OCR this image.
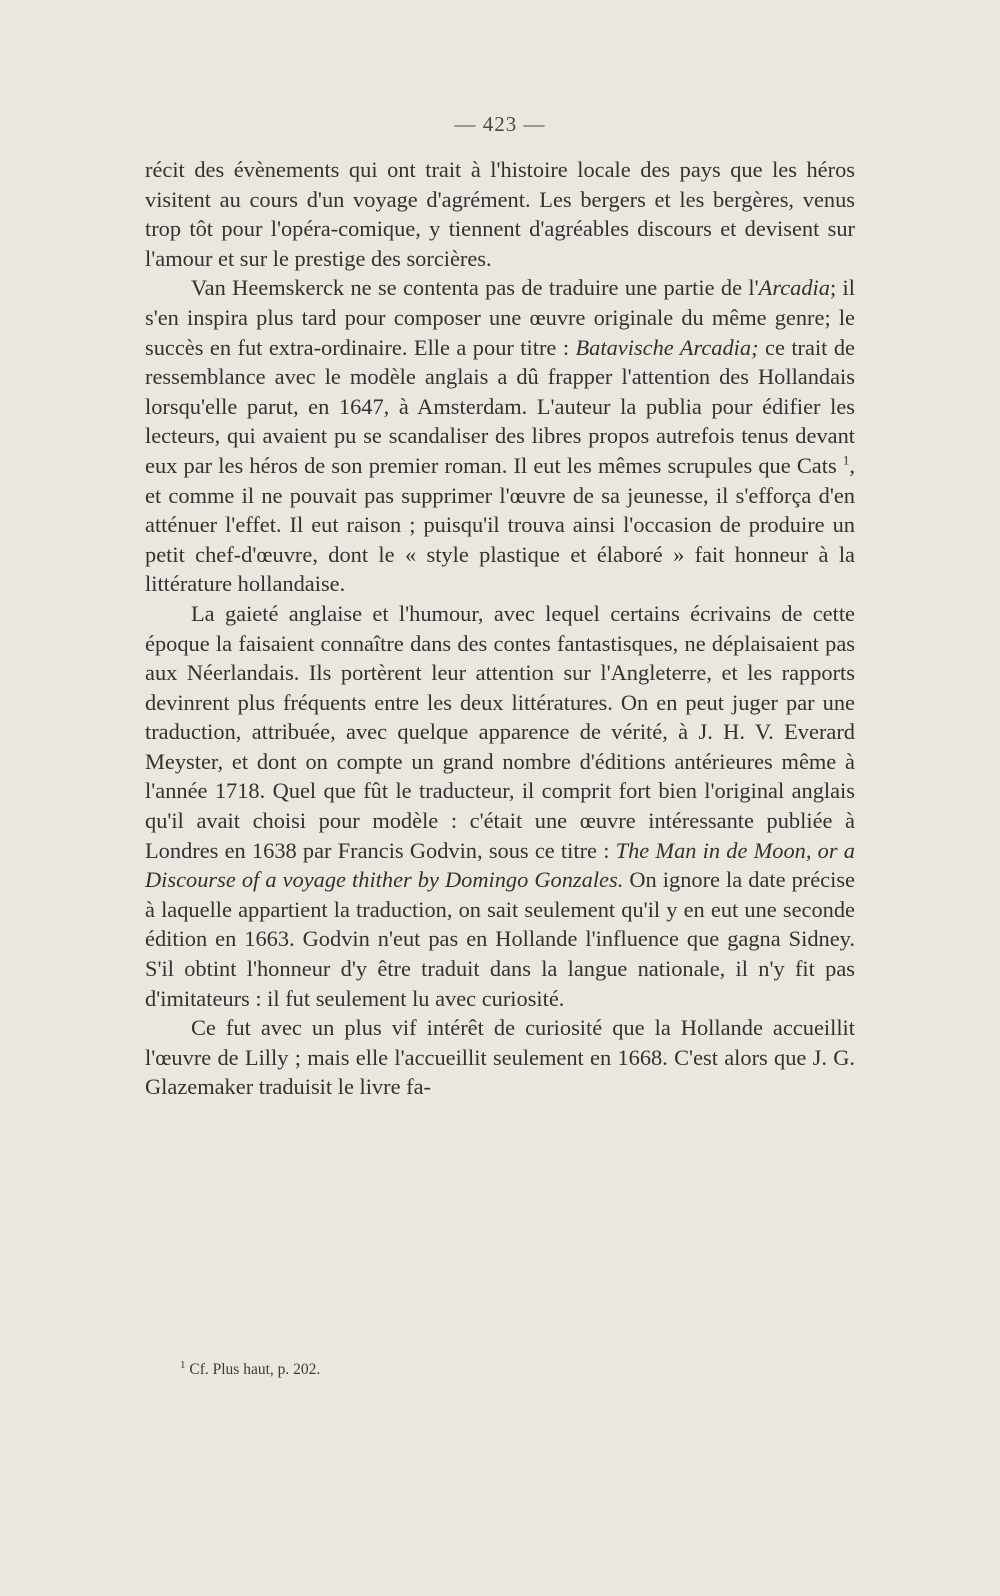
— 423 —

récit des évènements qui ont trait à l'histoire locale des pays que les héros visitent au cours d'un voyage d'agrément. Les bergers et les bergères, venus trop tôt pour l'opéra-comique, y tiennent d'agréables discours et devisent sur l'amour et sur le prestige des sorcières.

Van Heemskerck ne se contenta pas de traduire une partie de l'Arcadia; il s'en inspira plus tard pour composer une œuvre originale du même genre; le succès en fut extra-ordinaire. Elle a pour titre : Batavische Arcadia; ce trait de ressemblance avec le modèle anglais a dû frapper l'attention des Hollandais lorsqu'elle parut, en 1647, à Amsterdam. L'auteur la publia pour édifier les lecteurs, qui avaient pu se scandaliser des libres propos autrefois tenus devant eux par les héros de son premier roman. Il eut les mêmes scrupules que Cats $^1$, et comme il ne pouvait pas supprimer l'œuvre de sa jeunesse, il s'efforça d'en atténuer l'effet. Il eut raison ; puisqu'il trouva ainsi l'occasion de produire un petit chef-d'œuvre, dont le « style plastique et élaboré » fait honneur à la littérature hollandaise.

La gaieté anglaise et l'humour, avec lequel certains écrivains de cette époque la faisaient connaître dans des contes fantastisques, ne déplaisaient pas aux Néerlandais. Ils portèrent leur attention sur l'Angleterre, et les rapports devinrent plus fréquents entre les deux littératures. On en peut juger par une traduction, attribuée, avec quelque apparence de vérité, à J. H. V. Everard Meyster, et dont on compte un grand nombre d'éditions antérieures même à l'année 1718. Quel que fût le traducteur, il comprit fort bien l'original anglais qu'il avait choisi pour modèle : c'était une œuvre intéressante publiée à Londres en 1638 par Francis Godvin, sous ce titre : The Man in de Moon, or a Discourse of a voyage thither by Domingo Gonzales. On ignore la date précise à laquelle appartient la traduction, on sait seulement qu'il y en eut une seconde édition en 1663. Godvin n'eut pas en Hollande l'influence que gagna Sidney. S'il obtint l'honneur d'y être traduit dans la langue nationale, il n'y fit pas d'imitateurs : il fut seulement lu avec curiosité.

Ce fut avec un plus vif intérêt de curiosité que la Hollande accueillit l'œuvre de Lilly ; mais elle l'accueillit seulement en 1668. C'est alors que J. G. Glazemaker traduisit le livre fa-

$^1$ Cf. Plus haut, p. 202.
